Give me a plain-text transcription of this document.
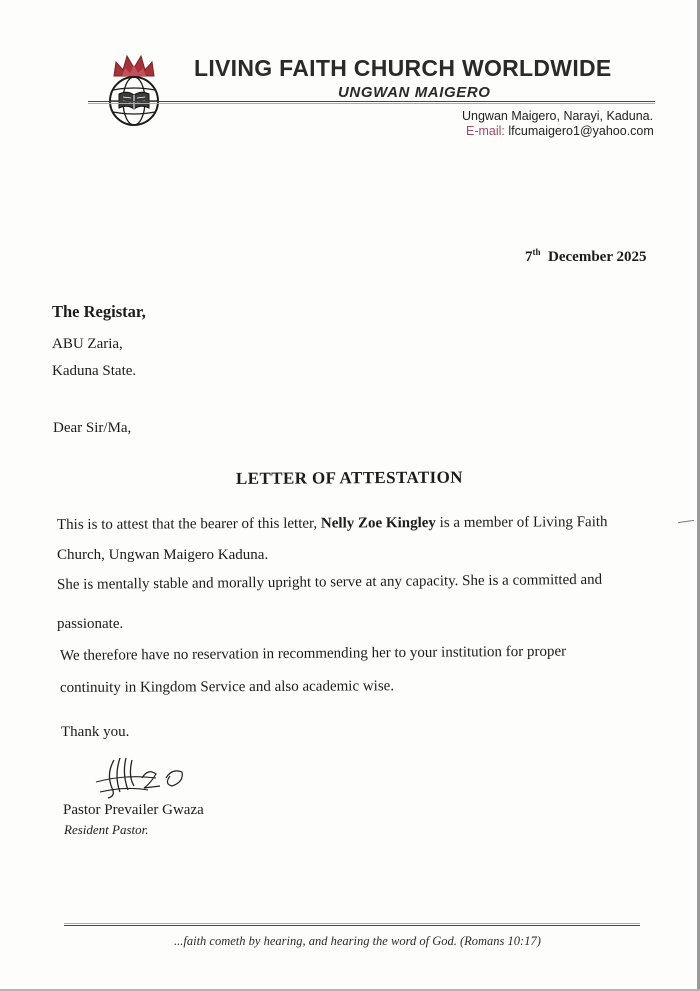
LIVING FAITH CHURCH WORLDWIDE
UNGWAN MAIGERO
Ungwan Maigero, Narayi, Kaduna.
E-mail: lfcumaigero1@yahoo.com
7th December 2025
The Registar,
ABU Zaria,
Kaduna State.
Dear Sir/Ma,
LETTER OF ATTESTATION
This is to attest that the bearer of this letter, Nelly Zoe Kingley is a member of Living Faith
Church, Ungwan Maigero Kaduna.
She is mentally stable and morally upright to serve at any capacity. She is a committed and
passionate.
We therefore have no reservation in recommending her to your institution for proper
continuity in Kingdom Service and also academic wise.
Thank you.
Pastor Prevailer Gwaza
Resident Pastor.
...faith cometh by hearing, and hearing the word of God. (Romans 10:17)
